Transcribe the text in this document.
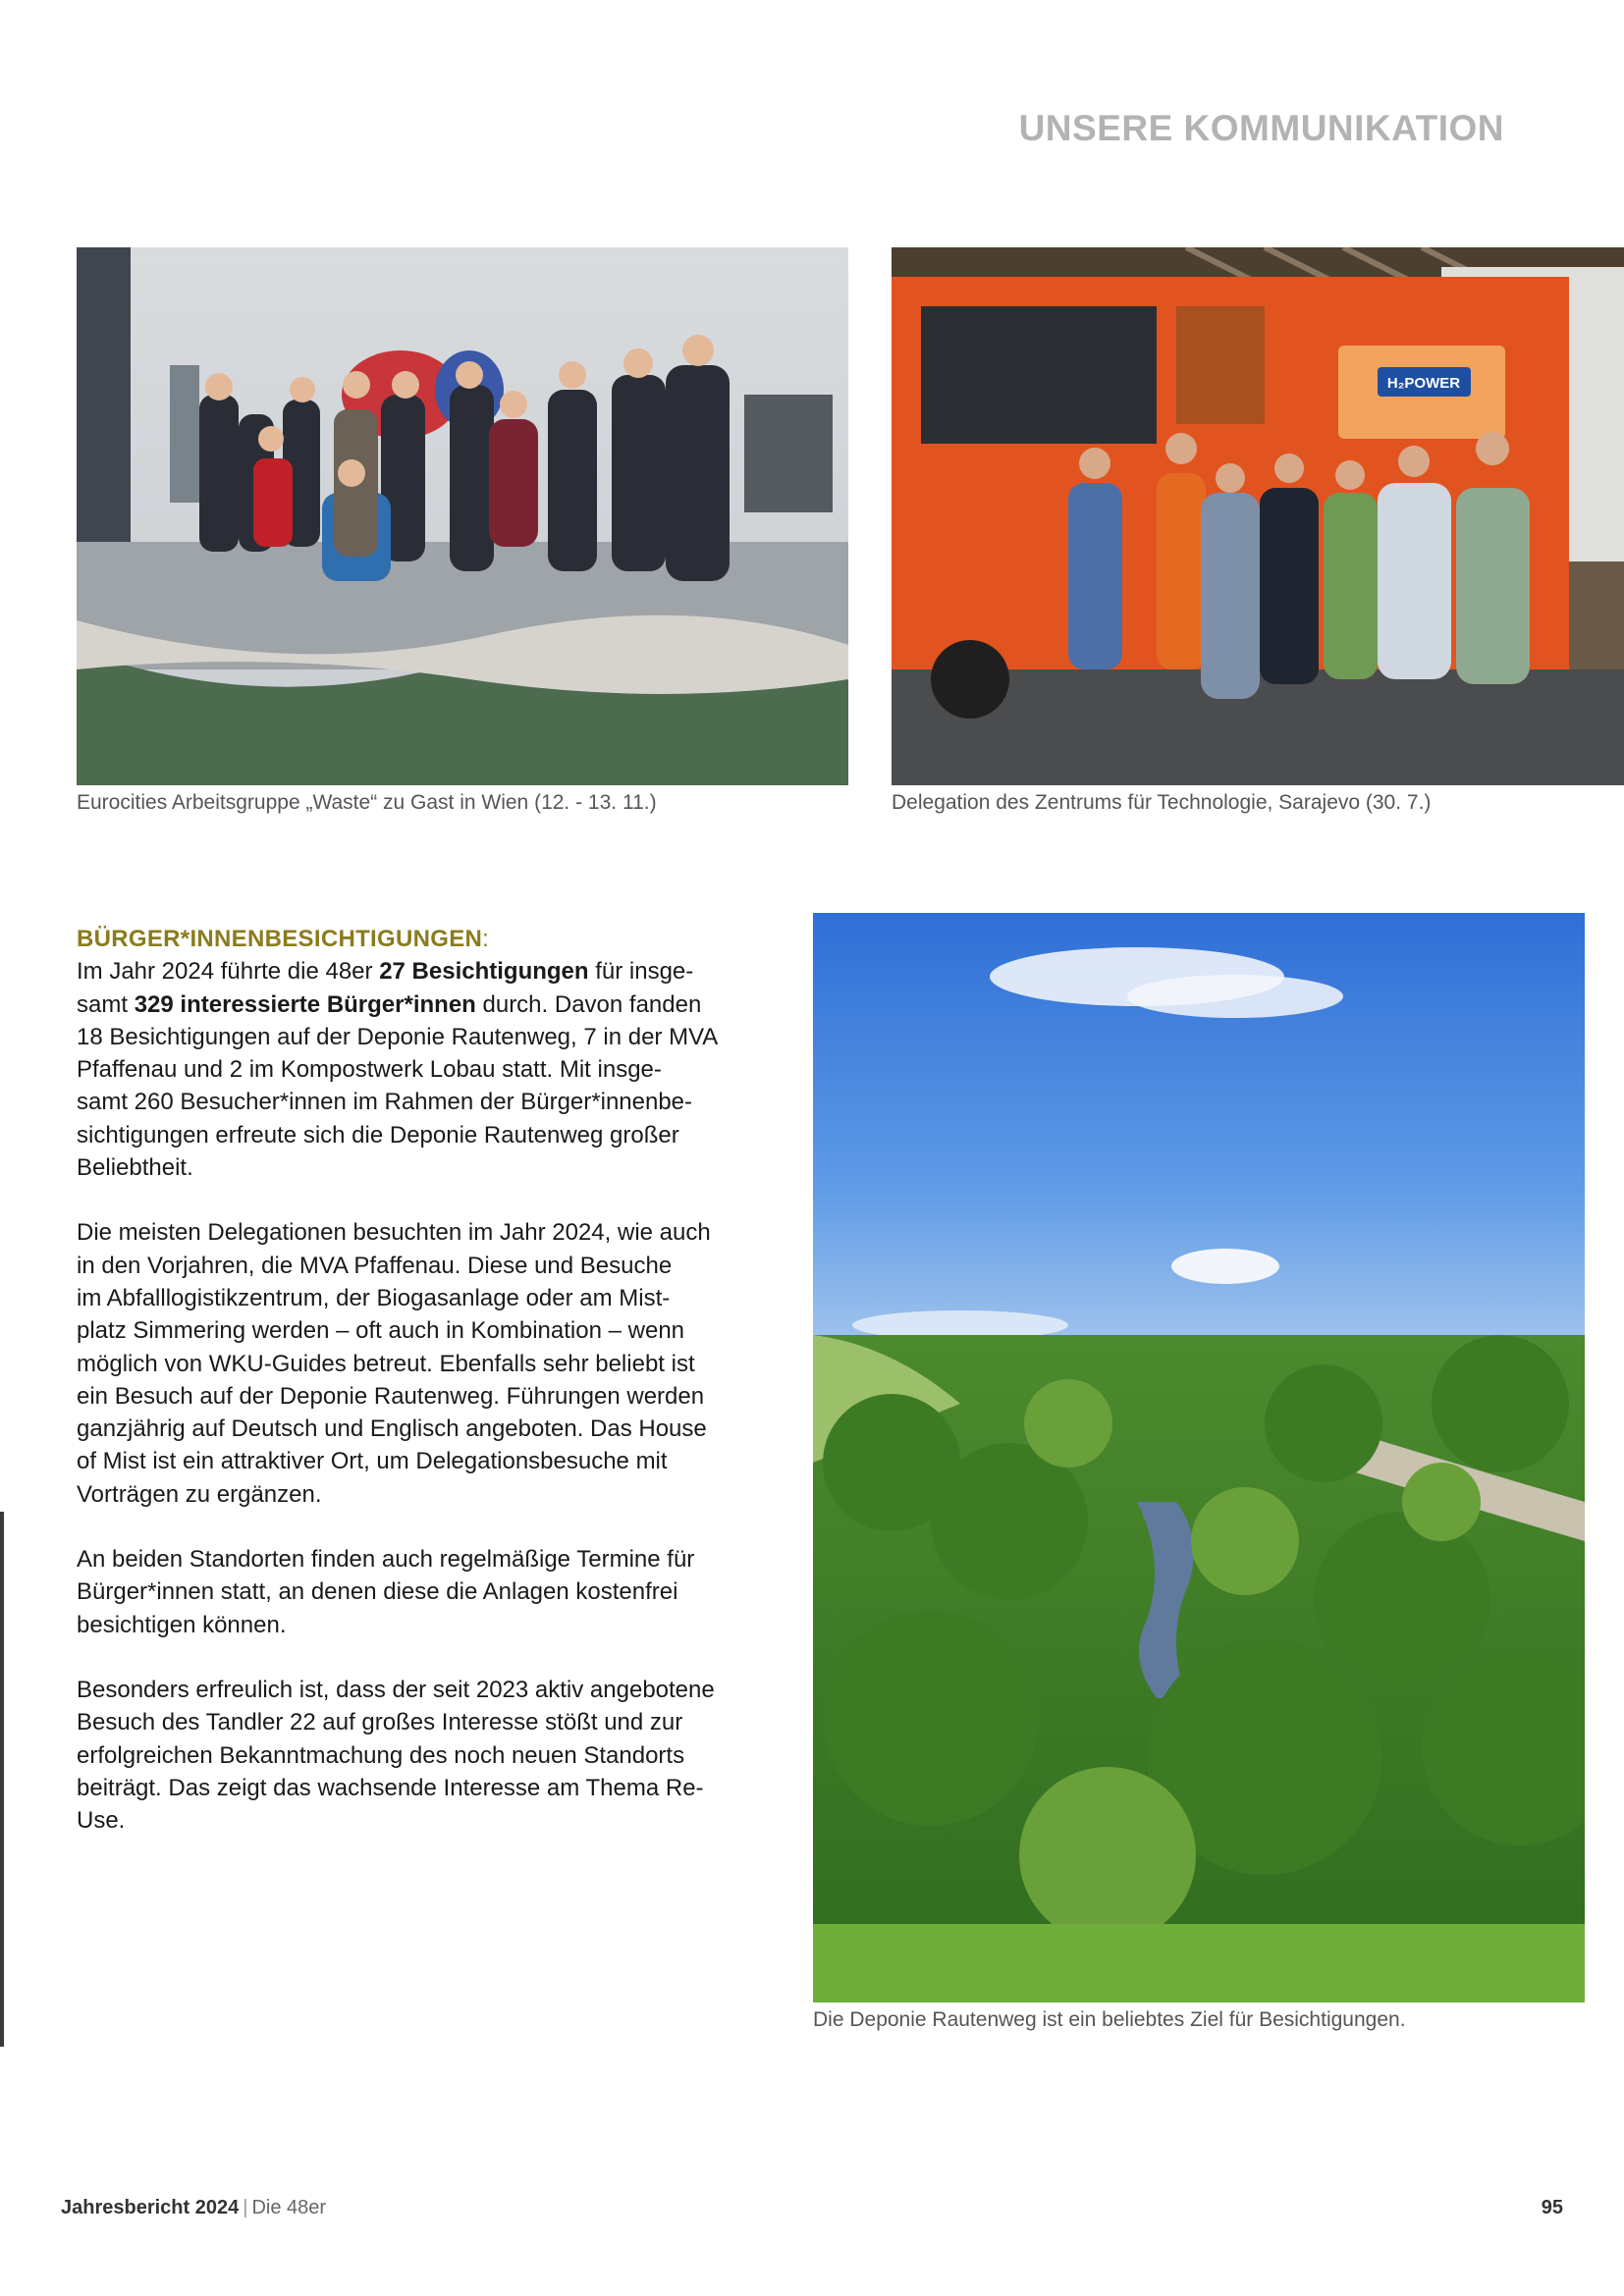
UNSERE KOMMUNIKATION
Eurocities Arbeitsgruppe „Waste“ zu Gast in Wien (12. - 13. 11.)
H₂POWER
Delegation des Zentrums für Technologie, Sarajevo (30. 7.)

BÜRGER*INNENBESICHTIGUNGEN:
Im Jahr 2024 führte die 48er 27 Besichtigungen für insge-
samt 329 interessierte Bürger*innen durch. Davon fanden
18 Besichtigungen auf der Deponie Rautenweg, 7 in der MVA
Pfaffenau und 2 im Kompostwerk Lobau statt. Mit insge-
samt 260 Besucher*innen im Rahmen der Bürger*innenbe-
sichtigungen erfreute sich die Deponie Rautenweg großer
Beliebtheit.

Die meisten Delegationen besuchten im Jahr 2024, wie auch
in den Vorjahren, die MVA Pfaffenau. Diese und Besuche
im Abfalllogistikzentrum, der Biogasanlage oder am Mist-
platz Simmering werden – oft auch in Kombination – wenn
möglich von WKU-Guides betreut. Ebenfalls sehr beliebt ist
ein Besuch auf der Deponie Rautenweg. Führungen werden
ganzjährig auf Deutsch und Englisch angeboten. Das House
of Mist ist ein attraktiver Ort, um Delegationsbesuche mit
Vorträgen zu ergänzen.

An beiden Standorten finden auch regelmäßige Termine für
Bürger*innen statt, an denen diese die Anlagen kostenfrei
besichtigen können.

Besonders erfreulich ist, dass der seit 2023 aktiv angebotene
Besuch des Tandler 22 auf großes Interesse stößt und zur
erfolgreichen Bekanntmachung des noch neuen Standorts
beiträgt. Das zeigt das wachsende Interesse am Thema Re-
Use.

Die Deponie Rautenweg ist ein beliebtes Ziel für Besichtigungen.
Jahresbericht 2024 | Die 48er	95
